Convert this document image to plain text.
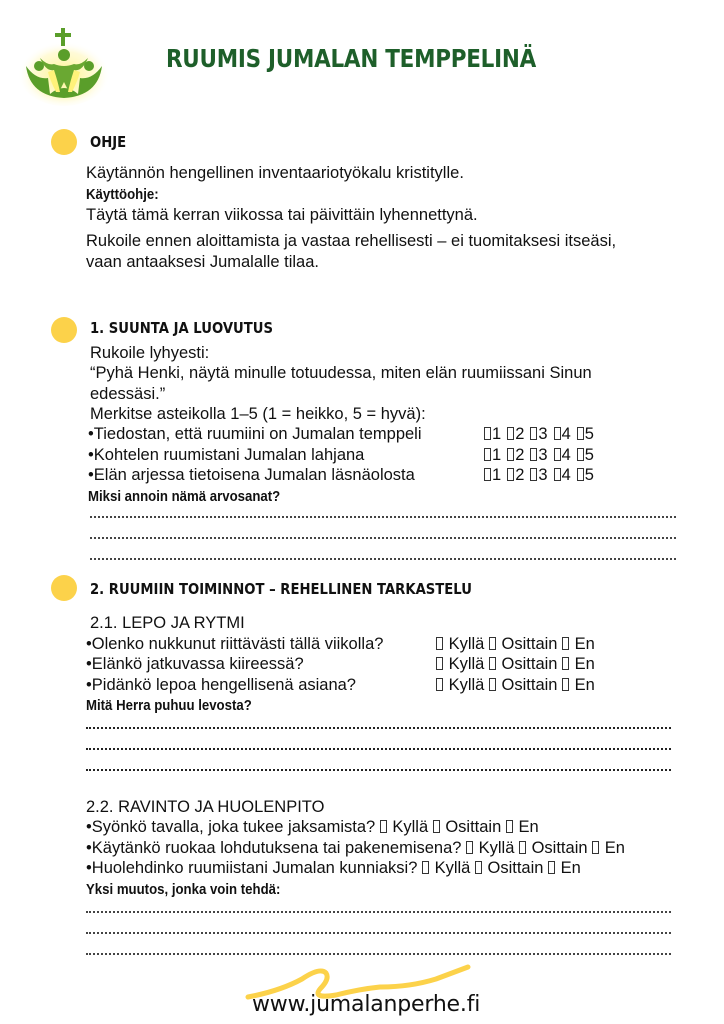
RUUMIS JUMALAN TEMPPELINÄ
OHJE
Käytännön hengellinen inventaariotyökalu kristitylle.
Käyttöohje:
Täytä tämä kerran viikossa tai päivittäin lyhennettynä.
Rukoile ennen aloittamista ja vastaa rehellisesti – ei tuomitaksesi itseäsi,
vaan antaaksesi Jumalalle tilaa.
1. SUUNTA JA LUOVUTUS
Rukoile lyhyesti:
“Pyhä Henki, näytä minulle totuudessa, miten elän ruumiissani Sinun
edessäsi.”
Merkitse asteikolla 1–5 (1 = heikko, 5 = hyvä):
•Tiedostan, että ruumiini on Jumalan temppeli	1 2 3 4 5
•Kohtelen ruumistani Jumalan lahjana	1 2 3 4 5
•Elän arjessa tietoisena Jumalan läsnäolosta	1 2 3 4 5
Miksi annoin nämä arvosanat?
2. RUUMIIN TOIMINNOT – REHELLINEN TARKASTELU
2.1. LEPO JA RYTMI
•Olenko nukkunut riittävästi tällä viikolla?	Kyllä Osittain En
•Elänkö jatkuvassa kiireessä?	Kyllä Osittain En
•Pidänkö lepoa hengellisenä asiana?	Kyllä Osittain En
Mitä Herra puhuu levosta?
2.2. RAVINTO JA HUOLENPITO
•Syönkö tavalla, joka tukee jaksamista? Kyllä Osittain En
•Käytänkö ruokaa lohdutuksena tai pakenemisena? Kyllä Osittain En
•Huolehdinko ruumiistani Jumalan kunniaksi? Kyllä Osittain En
Yksi muutos, jonka voin tehdä:
www.jumalanperhe.fi
